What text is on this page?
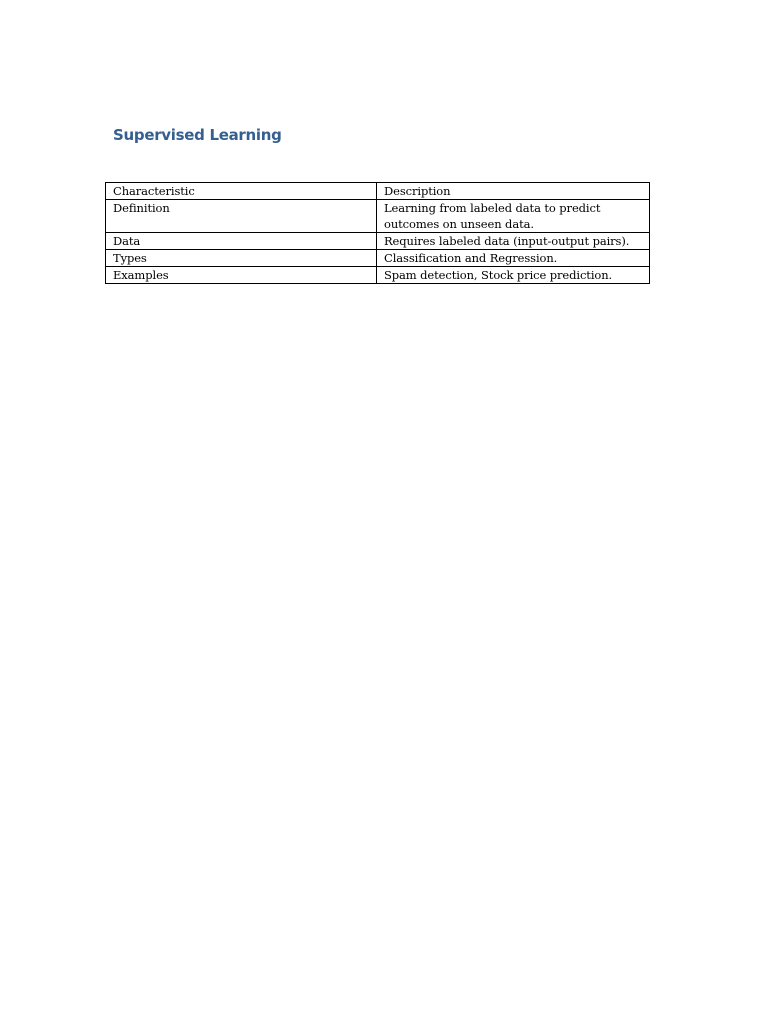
Supervised Learning
Characteristic	Description
Definition	Learning from labeled data to predict outcomes on unseen data.
Data	Requires labeled data (input-output pairs).
Types	Classification and Regression.
Examples	Spam detection, Stock price prediction.
